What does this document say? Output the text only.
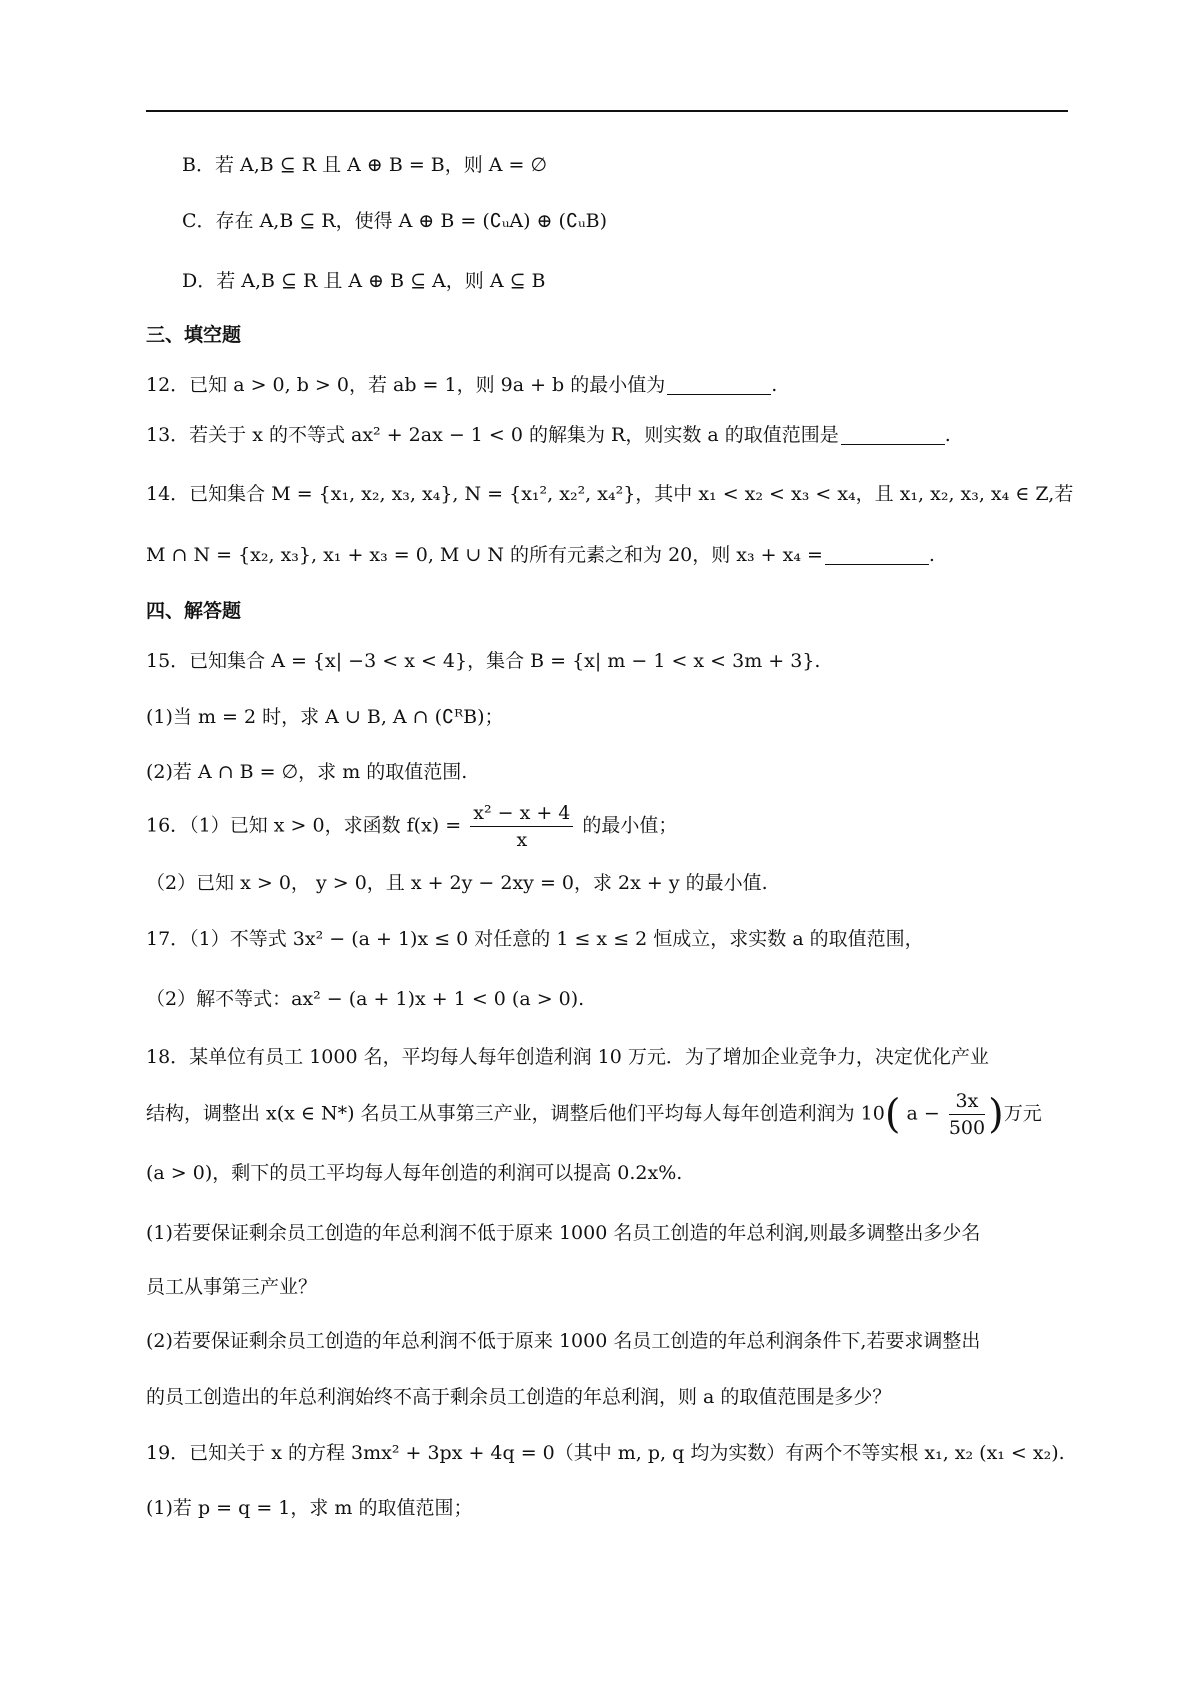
B．若 A,B ⊆ R 且 A ⊕ B = B，则 A = ∅
C．存在 A,B ⊆ R，使得 A ⊕ B = (∁ᵤA) ⊕ (∁ᵤB)
D．若 A,B ⊆ R 且 A ⊕ B ⊆ A，则 A ⊆ B
三、填空题
12．已知 a > 0, b > 0，若 ab = 1，则 9a + b 的最小值为	.
13．若关于 x 的不等式 ax² + 2ax − 1 < 0 的解集为 R，则实数 a 的取值范围是	.
14．已知集合 M = {x₁, x₂, x₃, x₄}, N = {x₁², x₂², x₄²}，其中 x₁ < x₂ < x₃ < x₄，且 x₁, x₂, x₃, x₄ ∈ Z,若
M ∩ N = {x₂, x₃}, x₁ + x₃ = 0, M ∪ N 的所有元素之和为 20，则 x₃ + x₄ =	.
四、解答题
15．已知集合 A = {x| −3 < x < 4}，集合 B = {x| m − 1 < x < 3m + 3}.
(1)当 m = 2 时，求 A ∪ B, A ∩ (∁ᴿB)；
(2)若 A ∩ B = ∅，求 m 的取值范围.
（2）已知 x > 0， y > 0，且 x + 2y − 2xy = 0，求 2x + y 的最小值.
17．（1）不等式 3x² − (a + 1)x ≤ 0 对任意的 1 ≤ x ≤ 2 恒成立，求实数 a 的取值范围，
（2）解不等式：ax² − (a + 1)x + 1 < 0 (a > 0).
18．某单位有员工 1000 名，平均每人每年创造利润 10 万元．为了增加企业竞争力，决定优化产业
(a > 0)，剩下的员工平均每人每年创造的利润可以提高 0.2x%.
(1)若要保证剩余员工创造的年总利润不低于原来 1000 名员工创造的年总利润,则最多调整出多少名
员工从事第三产业？
(2)若要保证剩余员工创造的年总利润不低于原来 1000 名员工创造的年总利润条件下,若要求调整出
的员工创造出的年总利润始终不高于剩余员工创造的年总利润，则 a 的取值范围是多少？
19．已知关于 x 的方程 3mx² + 3px + 4q = 0（其中 m, p, q 均为实数）有两个不等实根 x₁, x₂ (x₁ < x₂).
(1)若 p = q = 1，求 m 的取值范围；
16．（1）已知 x > 0，求函数 $f(x) = \frac{\text{x² − x + 4}}{x}$ 的最小值；
结构，调整出 x(x ∈ N*) 名员工从事第三产业，调整后他们平均每人每年创造利润为 10( $a - \frac{3x}{500}$ )万元
